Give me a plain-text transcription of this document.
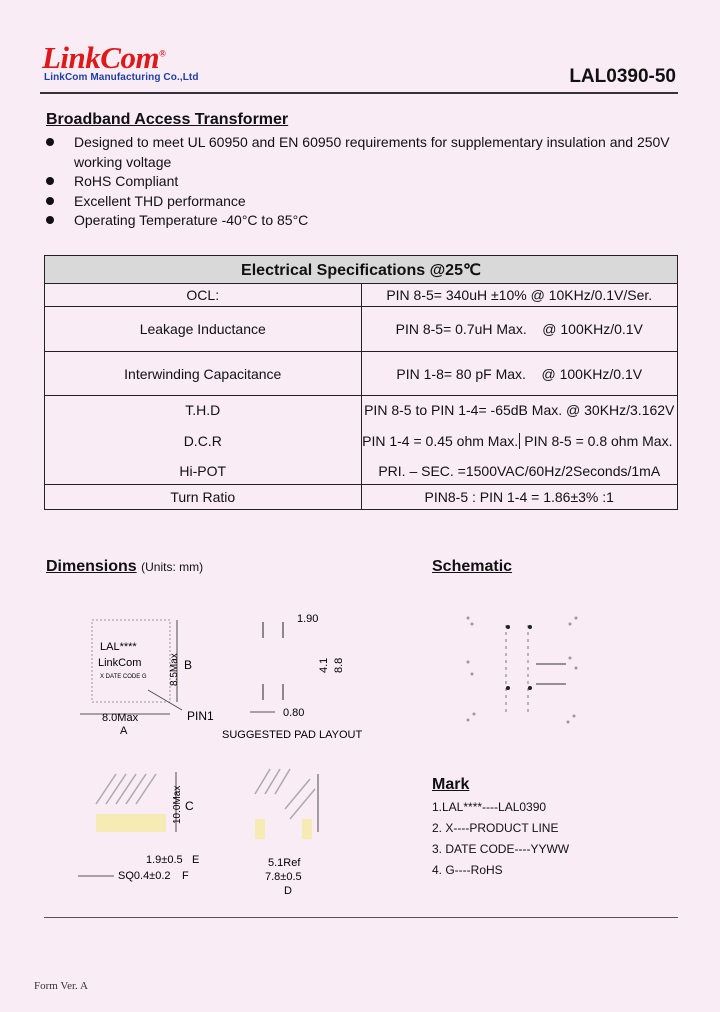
LinkCom®
LinkCom Manufacturing Co.,Ltd	LAL0390-50
Broadband Access Transformer
Designed to meet UL 60950 and EN 60950 requirements for supplementary insulation and 250V working voltage
RoHS Compliant
Excellent THD performance
Operating Temperature -40°C to 85°C
Electrical Specifications @25℃	
OCL:	PIN 8-5= 340uH ±10% @ 10KHz/0.1V/Ser.
Leakage Inductance	PIN 8-5= 0.7uH Max.    @ 100KHz/0.1V
Interwinding Capacitance	PIN 1-8= 80 pF Max.    @ 100KHz/0.1V
T.H.D	PIN 8-5 to PIN 1-4= -65dB Max. @ 30KHz/3.162V
D.C.R	PIN 1-4 = 0.45 ohm Max. PIN 8-5 = 0.8 ohm Max.

Hi-POT	PRI. – SEC. =1500VAC/60Hz/2Seconds/1mA
Turn Ratio	PIN8-5 : PIN 1-4 = 1.86±3% :1
Dimensions (Units: mm)	Schematic
LAL****
LinkCom
X DATE CODE G 8.5Max B
PIN1
8.0Max
A
1.90
4.1 8.8
0.80
SUGGESTED PAD LAYOUT
10.0Max C
1.9±0.5 E
SQ0.4±0.2 F
5.1Ref
7.8±0.5
D
Mark
1.LAL****----LAL0390
2. X----PRODUCT LINE
3. DATE CODE----YYWW
4. G----RoHS
Form Ver. A
